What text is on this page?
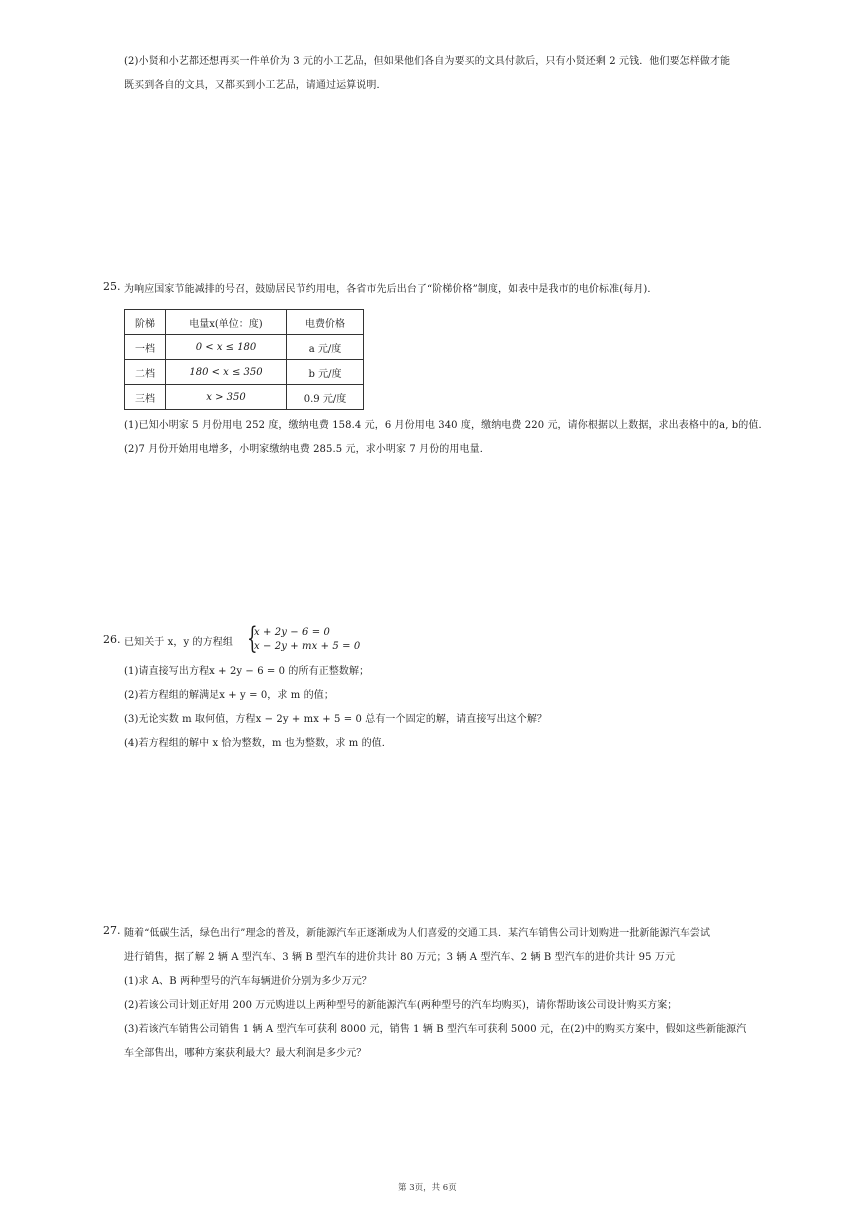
(2)小贤和小艺都还想再买一件单价为 3 元的小工艺品，但如果他们各自为要买的文具付款后，只有小贤还剩 2 元钱．他们要怎样做才能
既买到各自的文具，又都买到小工艺品，请通过运算说明．
25. 为响应国家节能减排的号召，鼓励居民节约用电，各省市先后出台了“阶梯价格”制度，如表中是我市的电价标准(每月)．
阶梯	电量x(单位：度)	电费价格
一档	0 < x ≤ 180	a 元/度
二档	180 < x ≤ 350	b 元/度
三档	x > 350	0.9 元/度
(1)已知小明家 5 月份用电 252 度，缴纳电费 158.4 元，6 月份用电 340 度，缴纳电费 220 元，请你根据以上数据，求出表格中的a, b的值．
(2)7 月份开始用电增多，小明家缴纳电费 285.5 元，求小明家 7 月份的用电量．
26. 已知关于 x，y 的方程组 {
x + 2y − 6 = 0
x − 2y + mx + 5 = 0
(1)请直接写出方程x + 2y − 6 = 0 的所有正整数解；
(2)若方程组的解满足x + y = 0，求 m 的值；
(3)无论实数 m 取何值，方程x − 2y + mx + 5 = 0 总有一个固定的解，请直接写出这个解？
(4)若方程组的解中 x 恰为整数，m 也为整数，求 m 的值．
27. 随着“低碳生活，绿色出行”理念的普及，新能源汽车正逐渐成为人们喜爱的交通工具．某汽车销售公司计划购进一批新能源汽车尝试
进行销售，据了解 2 辆 A 型汽车、3 辆 B 型汽车的进价共计 80 万元；3 辆 A 型汽车、2 辆 B 型汽车的进价共计 95 万元
(1)求 A、B 两种型号的汽车每辆进价分别为多少万元？
(2)若该公司计划正好用 200 万元购进以上两种型号的新能源汽车(两种型号的汽车均购买)，请你帮助该公司设计购买方案；
(3)若该汽车销售公司销售 1 辆 A 型汽车可获利 8000 元，销售 1 辆 B 型汽车可获利 5000 元，在(2)中的购买方案中，假如这些新能源汽
车全部售出，哪种方案获利最大？最大利润是多少元？
第 3页，共 6页
